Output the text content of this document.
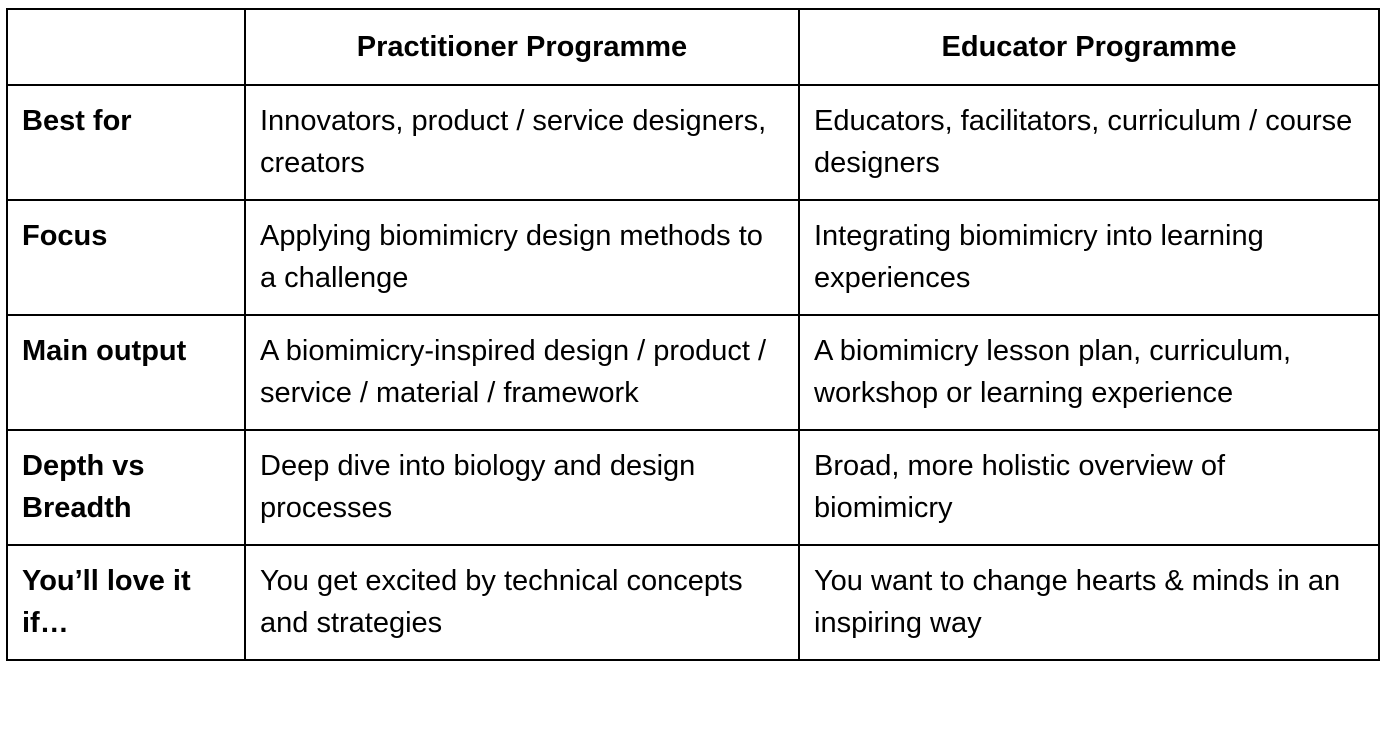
	Practitioner Programme	Educator Programme
Best for	Innovators, product / service designers, creators	Educators, facilitators, curriculum / course designers
Focus	Applying biomimicry design methods to a challenge	Integrating biomimicry into learning experiences
Main output	A biomimicry-inspired design / product / service / material / framework	A biomimicry lesson plan, curriculum, workshop or learning experience
Depth vs Breadth	Deep dive into biology and design processes	Broad, more holistic overview of biomimicry
You’ll love it if…	You get excited by technical concepts and strategies	You want to change hearts & minds in an inspiring way
